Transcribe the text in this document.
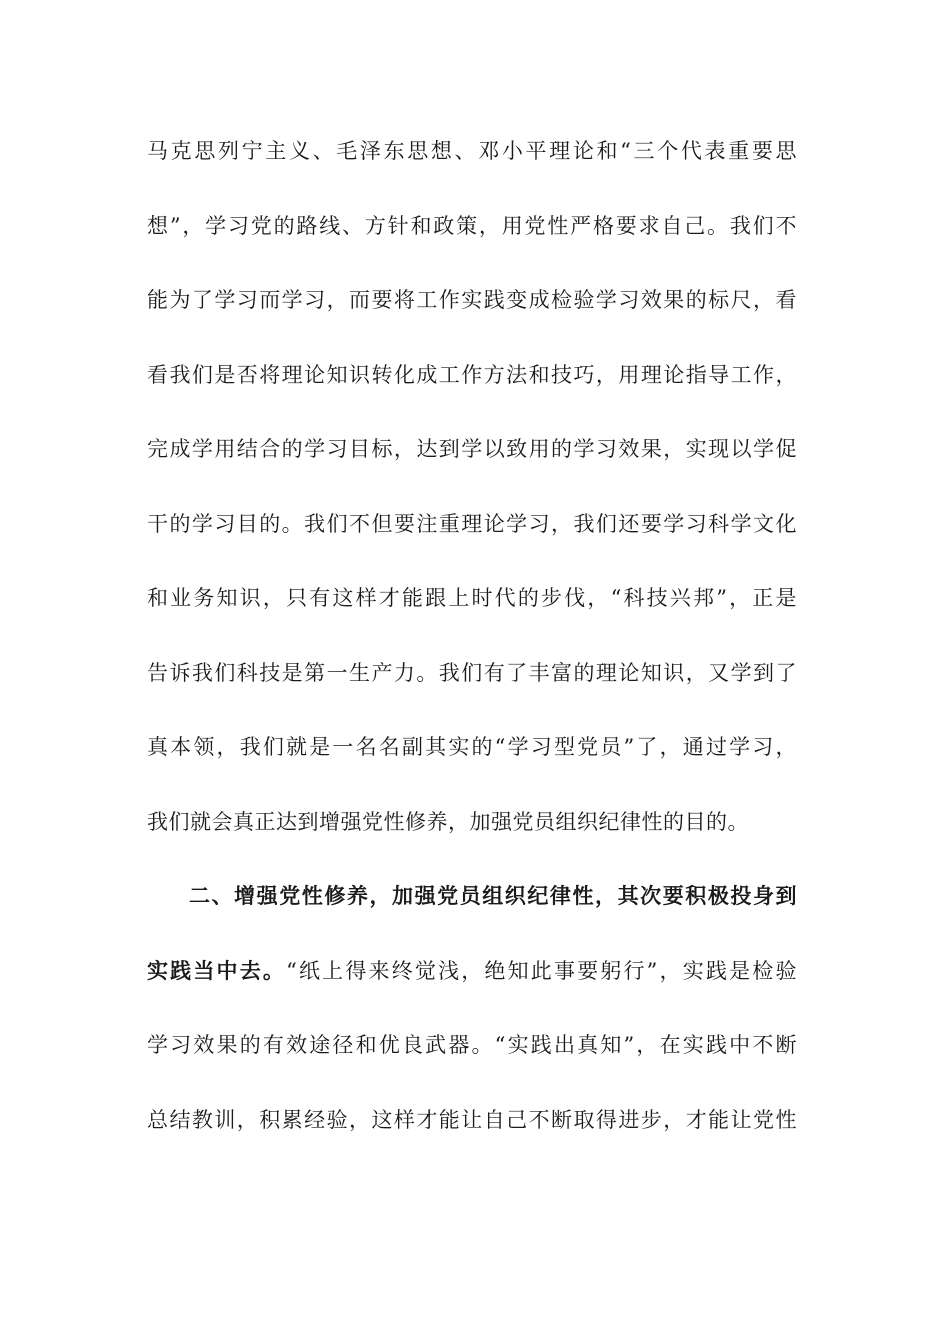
马克思列宁主义、毛泽东思想、邓小平理论和“三个代表重要思
想”，学习党的路线、方针和政策，用党性严格要求自己。我们不
能为了学习而学习，而要将工作实践变成检验学习效果的标尺，看
看我们是否将理论知识转化成工作方法和技巧，用理论指导工作，
完成学用结合的学习目标，达到学以致用的学习效果，实现以学促
干的学习目的。我们不但要注重理论学习，我们还要学习科学文化
和业务知识，只有这样才能跟上时代的步伐，“科技兴邦”，正是
告诉我们科技是第一生产力。我们有了丰富的理论知识，又学到了
真本领，我们就是一名名副其实的“学习型党员”了，通过学习，
我们就会真正达到增强党性修养，加强党员组织纪律性的目的。
二、增强党性修养，加强党员组织纪律性，其次要积极投身到
实践当中去。“纸上得来终觉浅，绝知此事要躬行”，实践是检验
学习效果的有效途径和优良武器。“实践出真知”，在实践中不断
总结教训，积累经验，这样才能让自己不断取得进步，才能让党性
